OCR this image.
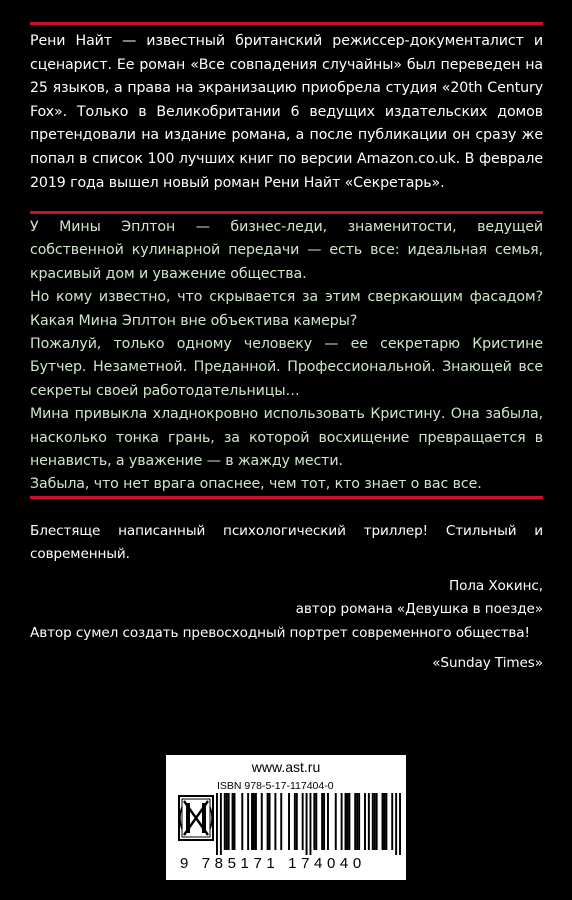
Рени Найт — известный британский режиссер-документалист и сценарист. Ее роман «Все совпадения случайны» был переведен на 25 языков, а права на экранизацию приобрела студия «20th Century Fox». Только в Великобритании 6 ведущих издательских домов претендовали на издание романа, а после публикации он сразу же попал в список 100 лучших книг по версии Amazon.co.uk. В феврале 2019 года вышел новый роман Рени Найт «Секретарь».

У Мины Эплтон — бизнес-леди, знаменитости, ведущей собственной кулинарной передачи — есть все: идеальная семья, красивый дом и уважение общества.

Но кому известно, что скрывается за этим сверкающим фасадом? Какая Мина Эплтон вне объектива камеры?

Пожалуй, только одному человеку — ее секретарю Кристине Бутчер. Незаметной. Преданной. Профессиональной. Знающей все секреты своей работодательницы…

Мина привыкла хладнокровно использовать Кристину. Она забыла, насколько тонка грань, за которой восхищение превращается в ненависть, а уважение — в жажду мести.

Забыла, что нет врага опаснее, чем тот, кто знает о вас все.

Блестяще написанный психологический триллер! Стильный и современный.
Пола Хокинс,
автор романа «Девушка в поезде»
Автор сумел создать превосходный портрет современного общества!
«Sunday Times»
www.ast.ru
ISBN 978-5-17-117404-0
9 785171 174040
